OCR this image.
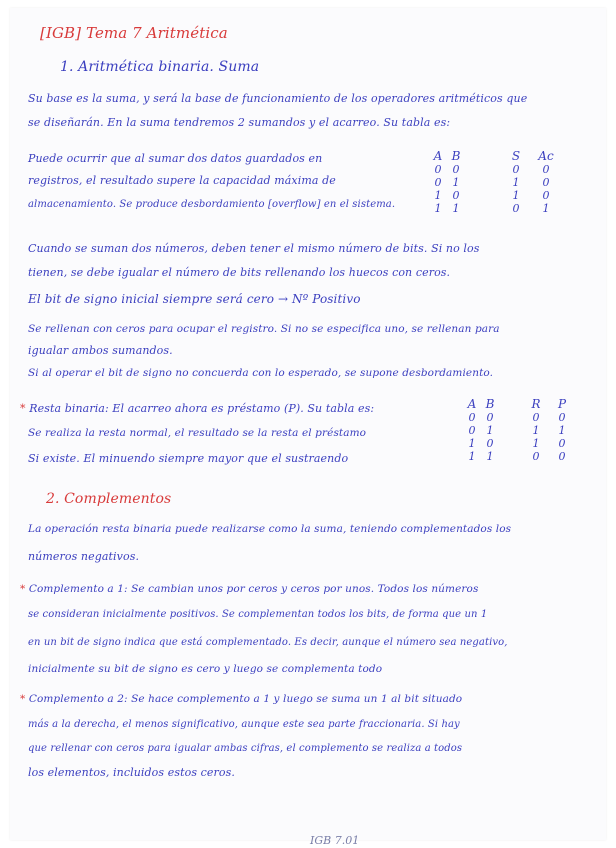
[IGB] Tema 7 Aritmética
1. Aritmética binaria. Suma
Su base es la suma, y será la base de funcionamiento de los operadores aritméticos que
se diseñarán. En la suma tendremos 2 sumandos y el acarreo. Su tabla es:
Puede ocurrir que al sumar dos datos guardados en
registros, el resultado supere la capacidad máxima de
almacenamiento. Se produce desbordamiento [overflow] en el sistema.
A
0
0
1
1
B
0
1
0
1
S
0
1
1
0
Ac
0
0
0
1
Cuando se suman dos números, deben tener el mismo número de bits. Si no los
tienen, se debe igualar el número de bits rellenando los huecos con ceros.
El bit de signo inicial siempre será cero → Nº Positivo
Se rellenan con ceros para ocupar el registro. Si no se especifica uno, se rellenan para
igualar ambos sumandos.
Si al operar el bit de signo no concuerda con lo esperado, se supone desbordamiento.
* Resta binaria: El acarreo ahora es préstamo (P). Su tabla es:
Se realiza la resta normal, el resultado se la resta el préstamo
Si existe. El minuendo siempre mayor que el sustraendo
A
0
0
1
1
B
0
1
0
1
R
0
1
1
0
P
0
1
0
0
2. Complementos
La operación resta binaria puede realizarse como la suma, teniendo complementados los
números negativos.
* Complemento a 1: Se cambian unos por ceros y ceros por unos. Todos los números
se consideran inicialmente positivos. Se complementan todos los bits, de forma que un 1
en un bit de signo indica que está complementado. Es decir, aunque el número sea negativo,
inicialmente su bit de signo es cero y luego se complementa todo
* Complemento a 2: Se hace complemento a 1 y luego se suma un 1 al bit situado
más a la derecha, el menos significativo, aunque este sea parte fraccionaria. Si hay
que rellenar con ceros para igualar ambas cifras, el complemento se realiza a todos
los elementos, incluidos estos ceros.
IGB 7.01
